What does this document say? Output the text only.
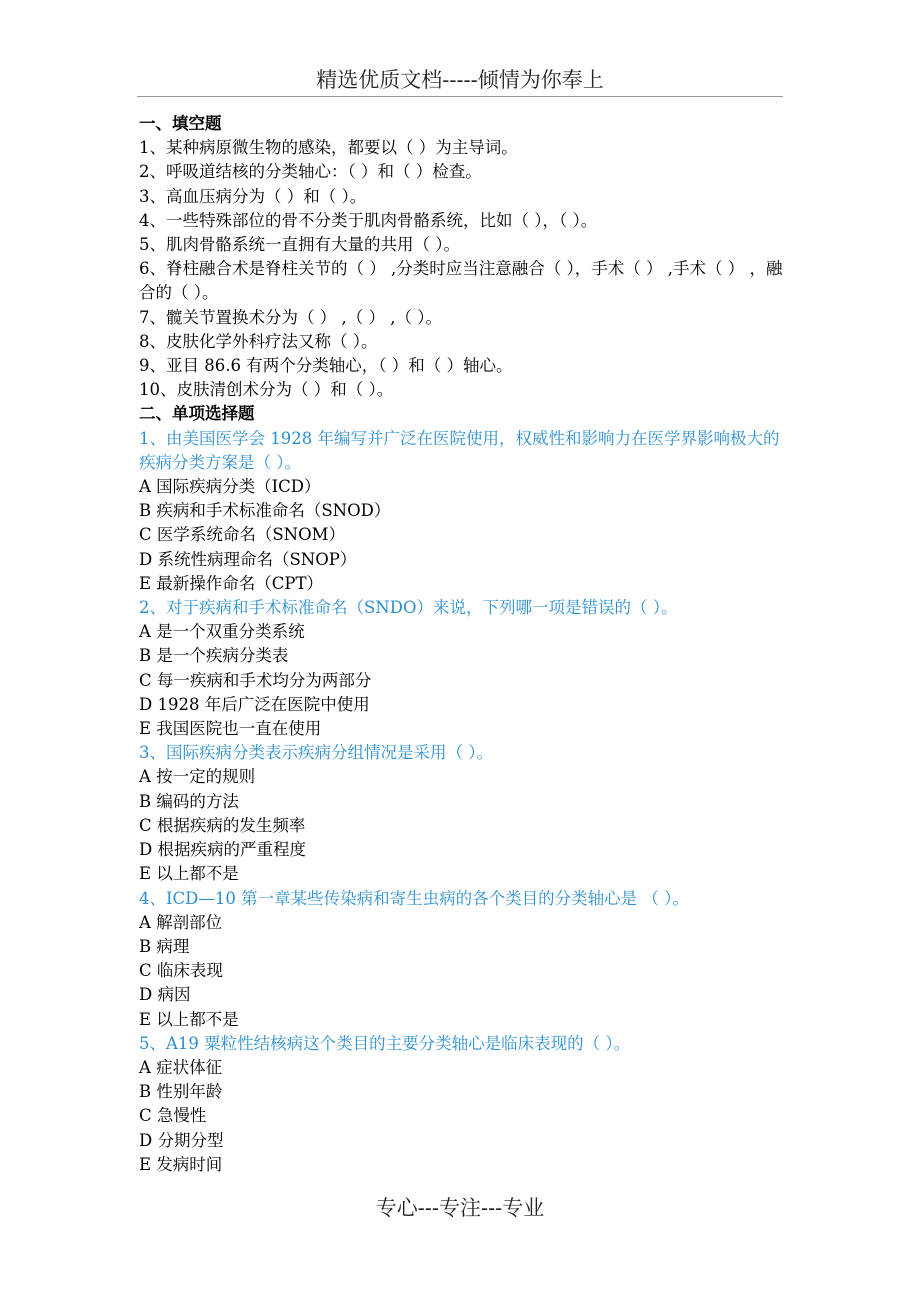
精选优质文档-----倾情为你奉上
一、填空题
1、某种病原微生物的感染，都要以（ ）为主导词。
2、呼吸道结核的分类轴心：（ ）和（ ）检查。
3、高血压病分为（ ）和（ ）。
4、一些特殊部位的骨不分类于肌肉骨骼系统，比如（ ），（ ）。
5、肌肉骨骼系统一直拥有大量的共用（ ）。
6、脊柱融合术是脊柱关节的（ ） ,分类时应当注意融合（ ），手术（ ） ,手术（ ） ，融合的（ ）。
7、髋关节置换术分为（ ） ,（ ） ,（ ）。
8、皮肤化学外科疗法又称（ ）。
9、亚目 86.6 有两个分类轴心，（ ）和（ ）轴心。
10、皮肤清创术分为（ ）和（ ）。
二、单项选择题
1、由美国医学会 1928 年编写并广泛在医院使用，权威性和影响力在医学界影响极大的疾病分类方案是（ ）。
A 国际疾病分类（ICD）
B 疾病和手术标准命名（SNOD）
C 医学系统命名（SNOM）
D 系统性病理命名（SNOP）
E 最新操作命名（CPT）
2、对于疾病和手术标准命名（SNDO）来说，下列哪一项是错误的（ ）。
A 是一个双重分类系统
B 是一个疾病分类表
C 每一疾病和手术均分为两部分
D 1928 年后广泛在医院中使用
E 我国医院也一直在使用
3、国际疾病分类表示疾病分组情况是采用（ ）。
A 按一定的规则
B 编码的方法
C 根据疾病的发生频率
D 根据疾病的严重程度
E 以上都不是
4、ICD—10 第一章某些传染病和寄生虫病的各个类目的分类轴心是 （ ）。
A 解剖部位
B 病理
C 临床表现
D 病因
E 以上都不是
5、A19 粟粒性结核病这个类目的主要分类轴心是临床表现的（ ）。
A 症状体征
B 性别年龄
C 急慢性
D 分期分型
E 发病时间
专心---专注---专业
